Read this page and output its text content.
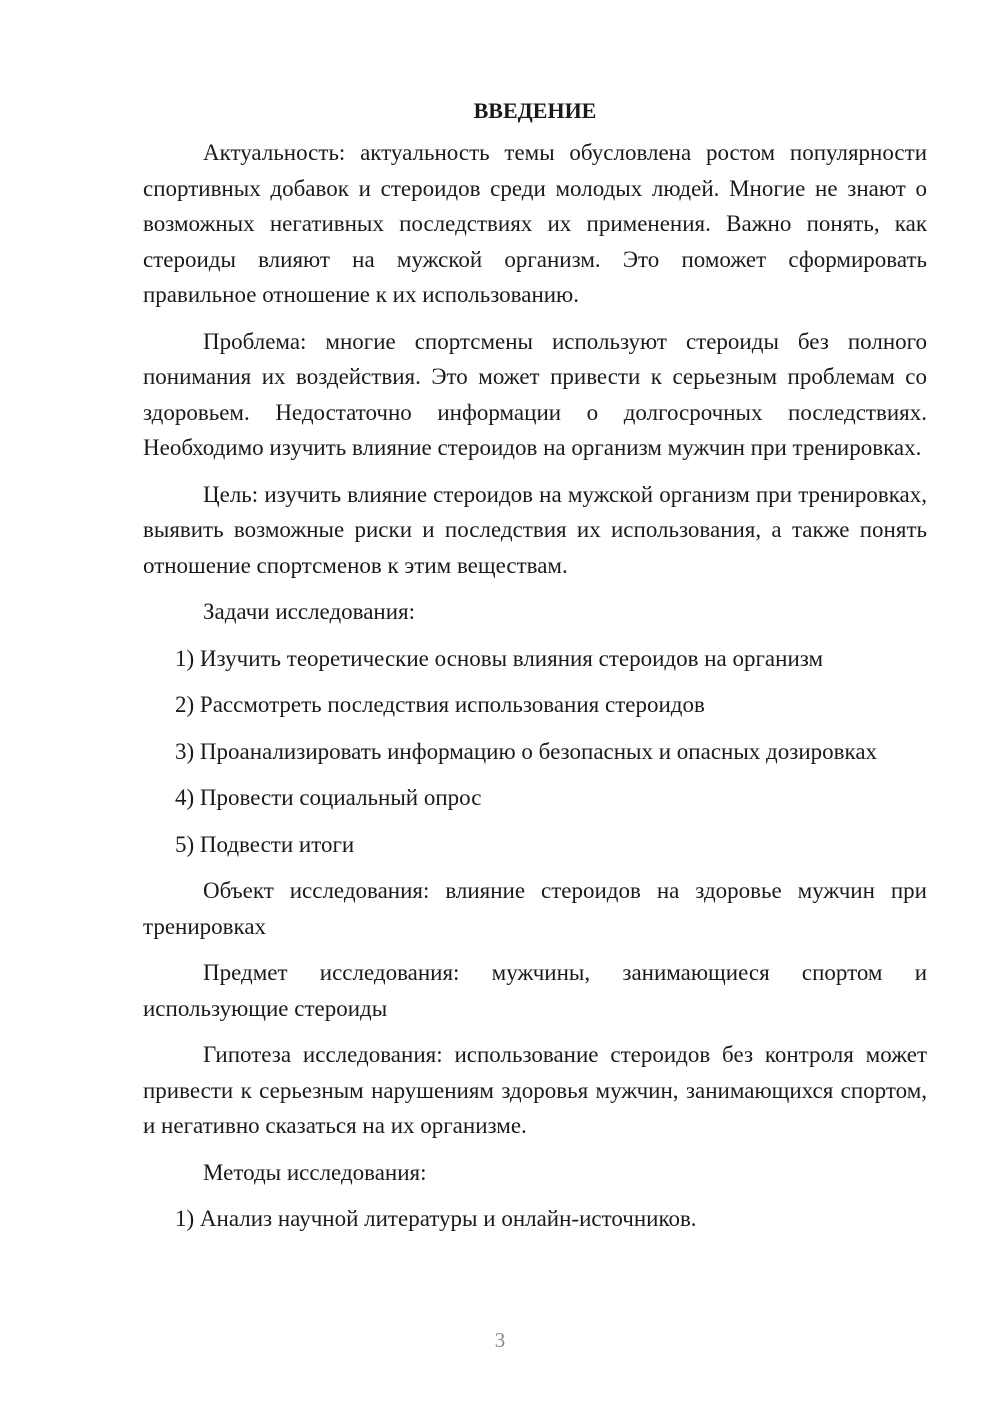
ВВЕДЕНИЕ

Актуальность: актуальность темы обусловлена ростом популярности спортивных добавок и стероидов среди молодых людей. Многие не знают о возможных негативных последствиях их применения. Важно понять, как стероиды влияют на мужской организм. Это поможет сформировать правильное отношение к их использованию.

Проблема: многие спортсмены используют стероиды без полного понимания их воздействия. Это может привести к серьезным проблемам со здоровьем. Недостаточно информации о долгосрочных последствиях. Необходимо изучить влияние стероидов на организм мужчин при тренировках.

Цель: изучить влияние стероидов на мужской организм при тренировках, выявить возможные риски и последствия их использования, а также понять отношение спортсменов к этим веществам.

Задачи исследования:

1) Изучить теоретические основы влияния стероидов на организм

2) Рассмотреть последствия использования стероидов

3) Проанализировать информацию о безопасных и опасных дозировках

4) Провести социальный опрос

5) Подвести итоги

Объект исследования: влияние стероидов на здоровье мужчин при тренировках

Предмет исследования: мужчины, занимающиеся спортом и использующие стероиды

Гипотеза исследования: использование стероидов без контроля может привести к серьезным нарушениям здоровья мужчин, занимающихся спортом, и негативно сказаться на их организме.

Методы исследования:

1) Анализ научной литературы и онлайн-источников.

3
